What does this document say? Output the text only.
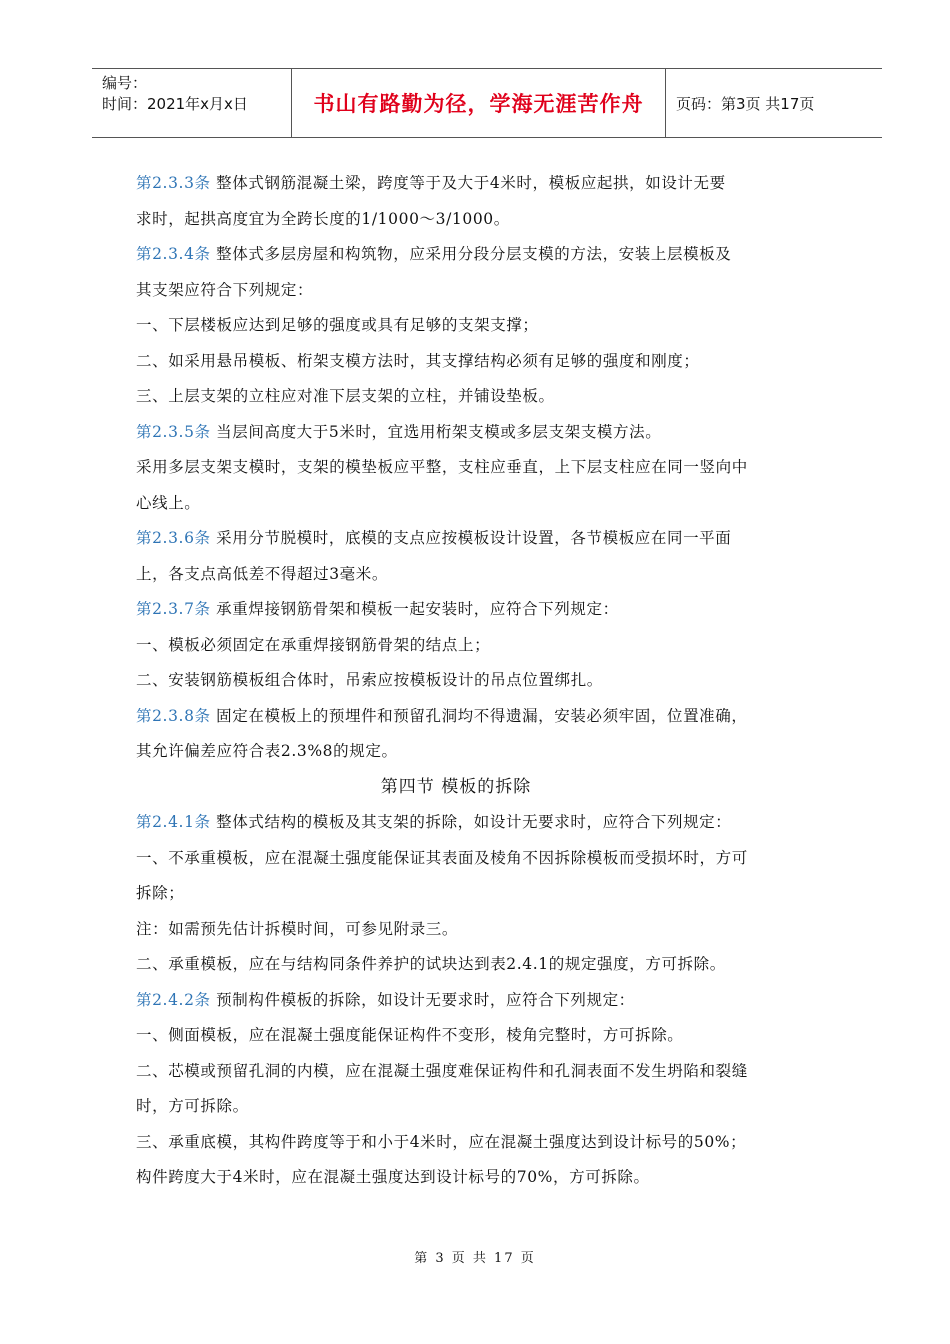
编号：
时间：2021年x月x日	书山有路勤为径，学海无涯苦作舟	页码：第3页 共17页
第2.3.3条 整体式钢筋混凝土梁，跨度等于及大于4米时，模板应起拱，如设计无要
求时，起拱高度宜为全跨长度的1/1000～3/1000。
第2.3.4条 整体式多层房屋和构筑物，应采用分段分层支模的方法，安装上层模板及
其支架应符合下列规定：
一、下层楼板应达到足够的强度或具有足够的支架支撑；
二、如采用悬吊模板、桁架支模方法时，其支撑结构必须有足够的强度和刚度；
三、上层支架的立柱应对准下层支架的立柱，并铺设垫板。
第2.3.5条 当层间高度大于5米时，宜选用桁架支模或多层支架支模方法。
采用多层支架支模时，支架的模垫板应平整，支柱应垂直，上下层支柱应在同一竖向中
心线上。
第2.3.6条 采用分节脱模时，底模的支点应按模板设计设置，各节模板应在同一平面
上，各支点高低差不得超过3毫米。
第2.3.7条 承重焊接钢筋骨架和模板一起安装时，应符合下列规定：
一、模板必须固定在承重焊接钢筋骨架的结点上；
二、安装钢筋模板组合体时，吊索应按模板设计的吊点位置绑扎。
第2.3.8条 固定在模板上的预埋件和预留孔洞均不得遗漏，安装必须牢固，位置准确，
其允许偏差应符合表2.3%8的规定。
第四节 模板的拆除
第2.4.1条 整体式结构的模板及其支架的拆除，如设计无要求时，应符合下列规定：
一、不承重模板，应在混凝土强度能保证其表面及棱角不因拆除模板而受损坏时，方可
拆除；
注：如需预先估计拆模时间，可参见附录三。
二、承重模板，应在与结构同条件养护的试块达到表2.4.1的规定强度，方可拆除。
第2.4.2条 预制构件模板的拆除，如设计无要求时，应符合下列规定：
一、侧面模板，应在混凝土强度能保证构件不变形，棱角完整时，方可拆除。
二、芯模或预留孔洞的内模，应在混凝土强度难保证构件和孔洞表面不发生坍陷和裂缝
时，方可拆除。
三、承重底模，其构件跨度等于和小于4米时，应在混凝土强度达到设计标号的50%；
构件跨度大于4米时，应在混凝土强度达到设计标号的70%，方可拆除。
第 3 页 共 17 页
